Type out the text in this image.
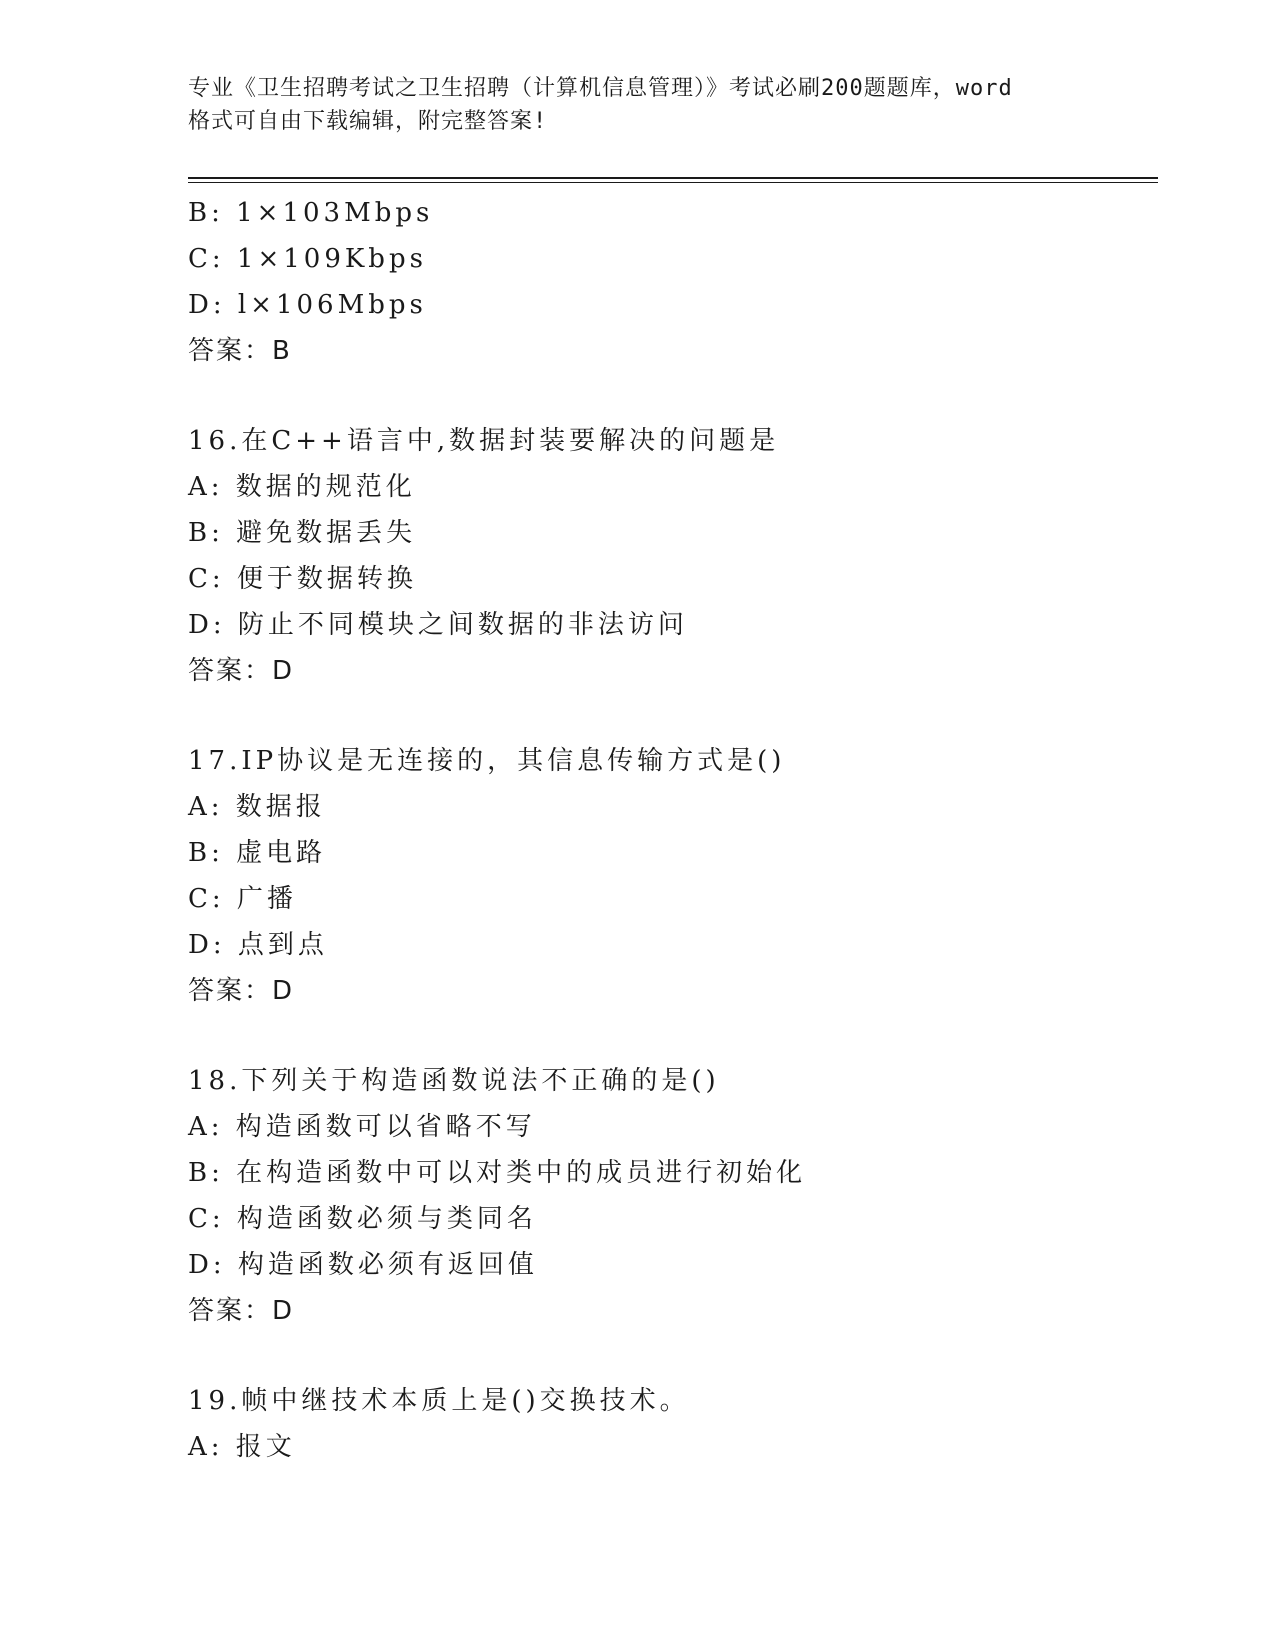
专业《卫生招聘考试之卫生招聘（计算机信息管理）》考试必刷200题题库，word
格式可自由下载编辑，附完整答案!
B: 1×103Mbps
C: 1×109Kbps
D: l×106Mbps
答案：B
16.在C++语言中,数据封装要解决的问题是
A: 数据的规范化
B: 避免数据丢失
C: 便于数据转换
D: 防止不同模块之间数据的非法访问
答案：D
17.IP协议是无连接的，其信息传输方式是()
A: 数据报
B: 虚电路
C: 广播
D: 点到点
答案：D
18.下列关于构造函数说法不正确的是()
A: 构造函数可以省略不写
B: 在构造函数中可以对类中的成员进行初始化
C: 构造函数必须与类同名
D: 构造函数必须有返回值
答案：D
19.帧中继技术本质上是()交换技术。
A: 报文
